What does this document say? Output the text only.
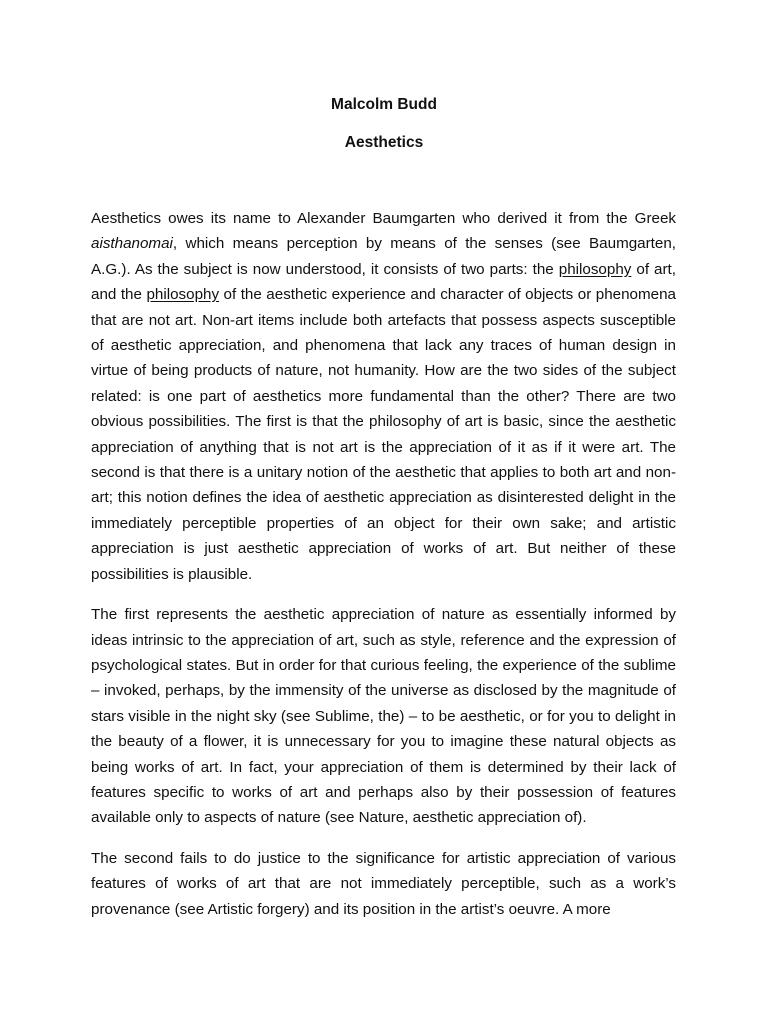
Malcolm Budd
Aesthetics

Aesthetics owes its name to Alexander Baumgarten who derived it from the Greek aisthanomai, which means perception by means of the senses (see Baumgarten, A.G.). As the subject is now understood, it consists of two parts: the philosophy of art, and the philosophy of the aesthetic experience and character of objects or phenomena that are not art. Non-art items include both artefacts that possess aspects susceptible of aesthetic appreciation, and phenomena that lack any traces of human design in virtue of being products of nature, not humanity. How are the two sides of the subject related: is one part of aesthetics more fundamental than the other? There are two obvious possibilities. The first is that the philosophy of art is basic, since the aesthetic appreciation of anything that is not art is the appreciation of it as if it were art. The second is that there is a unitary notion of the aesthetic that applies to both art and non-art; this notion defines the idea of aesthetic appreciation as disinterested delight in the immediately perceptible properties of an object for their own sake; and artistic appreciation is just aesthetic appreciation of works of art. But neither of these possibilities is plausible.

The first represents the aesthetic appreciation of nature as essentially informed by ideas intrinsic to the appreciation of art, such as style, reference and the expression of psychological states. But in order for that curious feeling, the experience of the sublime – invoked, perhaps, by the immensity of the universe as disclosed by the magnitude of stars visible in the night sky (see Sublime, the) – to be aesthetic, or for you to delight in the beauty of a flower, it is unnecessary for you to imagine these natural objects as being works of art. In fact, your appreciation of them is determined by their lack of features specific to works of art and perhaps also by their possession of features available only to aspects of nature (see Nature, aesthetic appreciation of).

The second fails to do justice to the significance for artistic appreciation of various features of works of art that are not immediately perceptible, such as a work’s provenance (see Artistic forgery) and its position in the artist’s oeuvre. A more
